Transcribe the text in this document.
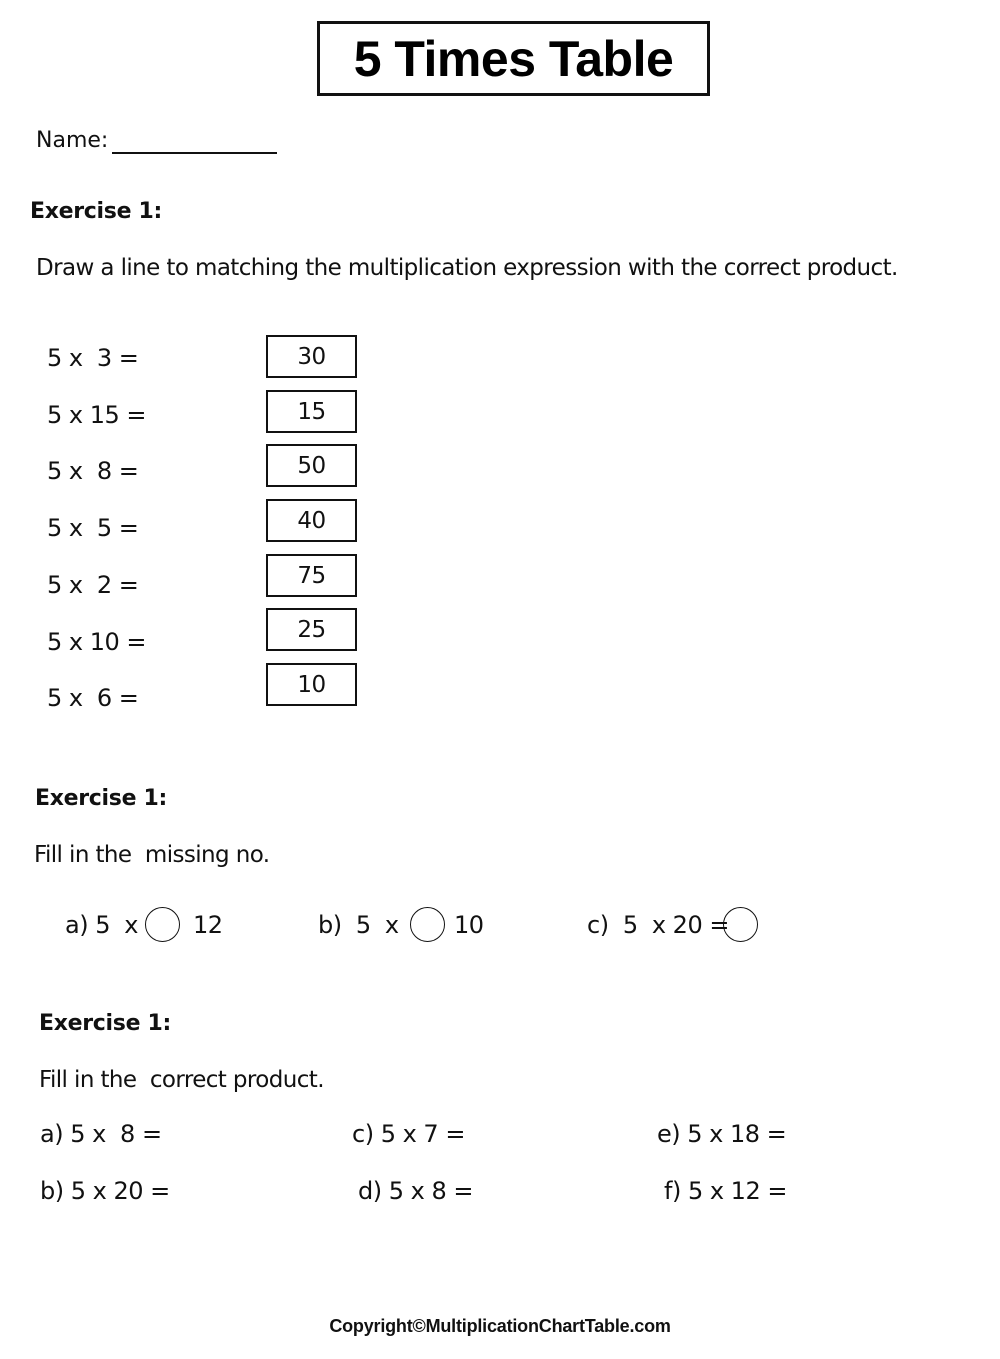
5 Times Table
Name:
Exercise 1:
Draw a line to matching the multiplication expression with the correct product.
5 x  3 =
5 x 15 =
5 x  8 =
5 x  5 =
5 x  2 =
5 x 10 =
5 x  6 =
30
15
50
40
75
25
10
Exercise 1:
Fill in the  missing no.
a) 5  x 12	b)  5  x 10	c)  5  x 20 =
Exercise 1:
Fill in the  correct product.
a) 5 x  8 =
b) 5 x 20 =
c) 5 x 7 =
d) 5 x 8 =
e) 5 x 18 =
f) 5 x 12 =
Copyright©MultiplicationChartTable.com
